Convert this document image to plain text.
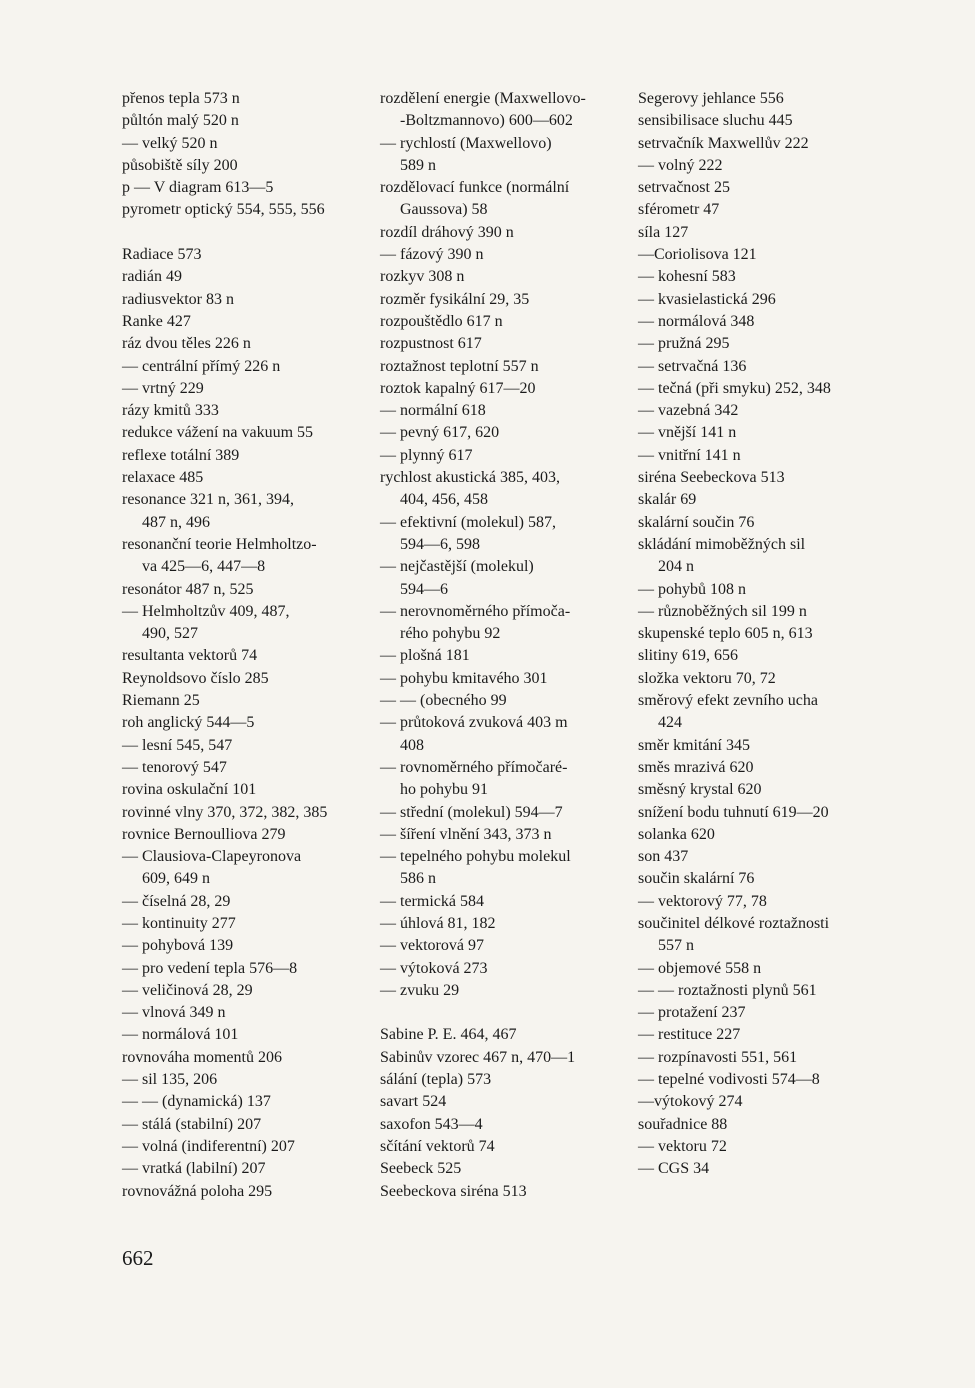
přenos tepla 573 n
půltón malý 520 n
— velký 520 n
působiště síly 200
p — V diagram 613—5
pyrometr optický 554, 555, 556
Radiace 573
radián 49
radiusvektor 83 n
Ranke 427
ráz dvou těles 226 n
— centrální přímý 226 n
— vrtný 229
rázy kmitů 333
redukce vážení na vakuum 55
reflexe totální 389
relaxace 485
resonance 321 n, 361, 394,
487 n, 496
resonanční teorie Helmholtzo-
va 425—6, 447—8
resonátor 487 n, 525
— Helmholtzův 409, 487,
490, 527
resultanta vektorů 74
Reynoldsovo číslo 285
Riemann 25
roh anglický 544—5
— lesní 545, 547
— tenorový 547
rovina oskulační 101
rovinné vlny 370, 372, 382, 385
rovnice Bernoulliova 279
— Clausiova-Clapeyronova
609, 649 n
— číselná 28, 29
— kontinuity 277
— pohybová 139
— pro vedení tepla 576—8
— veličinová 28, 29
— vlnová 349 n
— normálová 101
rovnováha momentů 206
— sil 135, 206
— — (dynamická) 137
— stálá (stabilní) 207
— volná (indiferentní) 207
— vratká (labilní) 207
rovnovážná poloha 295
rozdělení energie (Maxwellovo-
-Boltzmannovo) 600—602
— rychlostí (Maxwellovo)
589 n
rozdělovací funkce (normální
Gaussova) 58
rozdíl dráhový 390 n
— fázový 390 n
rozkyv 308 n
rozměr fysikální 29, 35
rozpouštědlo 617 n
rozpustnost 617
roztažnost teplotní 557 n
roztok kapalný 617—20
— normální 618
— pevný 617, 620
— plynný 617
rychlost akustická 385, 403,
404, 456, 458
— efektivní (molekul) 587,
594—6, 598
— nejčastější (molekul)
594—6
— nerovnoměrného přímoča-
rého pohybu 92
— plošná 181
— pohybu kmitavého 301
— — (obecného 99
— průtoková zvuková 403 m
408
— rovnoměrného přímočaré-
ho pohybu 91
— střední (molekul) 594—7
— šíření vlnění 343, 373 n
— tepelného pohybu molekul
586 n
— termická 584
— úhlová 81, 182
— vektorová 97
— výtoková 273
— zvuku 29
Sabine P. E. 464, 467
Sabinův vzorec 467 n, 470—1
sálání (tepla) 573
savart 524
saxofon 543—4
sčítání vektorů 74
Seebeck 525
Seebeckova siréna 513
Segerovy jehlance 556
sensibilisace sluchu 445
setrvačník Maxwellův 222
— volný 222
setrvačnost 25
sférometr 47
síla 127
—Coriolisova 121
— kohesní 583
— kvasielastická 296
— normálová 348
— pružná 295
— setrvačná 136
— tečná (při smyku) 252, 348
— vazebná 342
— vnější 141 n
— vnitřní 141 n
siréna Seebeckova 513
skalár 69
skalární součin 76
skládání mimoběžných sil
204 n
— pohybů 108 n
— různoběžných sil 199 n
skupenské teplo 605 n, 613
slitiny 619, 656
složka vektoru 70, 72
směrový efekt zevního ucha
424
směr kmitání 345
směs mrazivá 620
směsný krystal 620
snížení bodu tuhnutí 619—20
solanka 620
son 437
součin skalární 76
— vektorový 77, 78
součinitel délkové roztažnosti
557 n
— objemové 558 n
— — roztažnosti plynů 561
— protažení 237
— restituce 227
— rozpínavosti 551, 561
— tepelné vodivosti 574—8
—výtokový 274
souřadnice 88
— vektoru 72
— CGS 34
662
